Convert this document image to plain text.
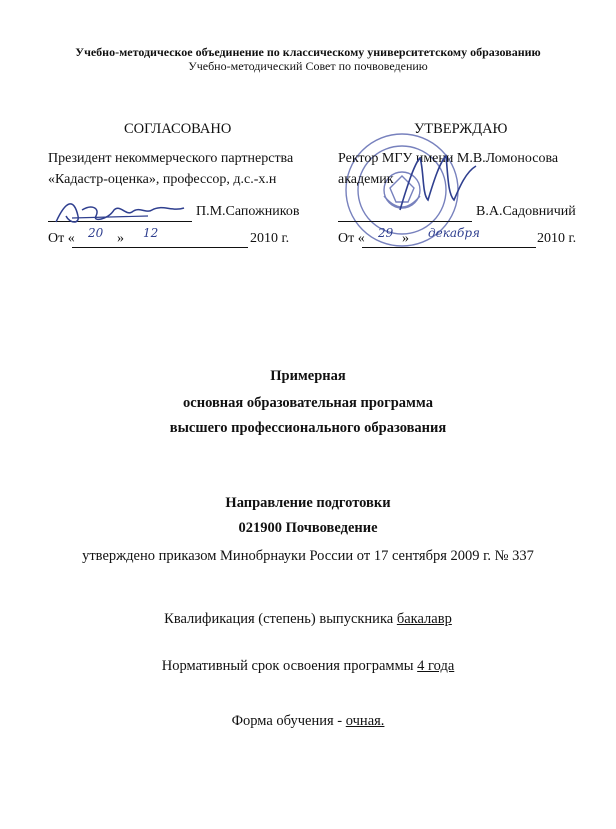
Учебно-методическое объединение по классическому университетскому образованию
Учебно-методический Совет по почвоведению
СОГЛАСОВАНО
Президент некоммерческого партнерства
«Кадастр-оценка», профессор, д.с.-х.н
П.М.Сапожников
От « 20 » 12	2010 г.
УТВЕРЖДАЮ
Ректор МГУ имени М.В.Ломоносова
академик
В.А.Садовничий
От « 29 » декабря	2010 г.
Примерная
основная образовательная программа
высшего профессионального образования
Направление подготовки
021900 Почвоведение
утверждено приказом Минобрнауки России от 17 сентября 2009 г. № 337
Квалификация (степень) выпускника бакалавр
Нормативный срок освоения программы 4 года
Форма обучения - очная.
